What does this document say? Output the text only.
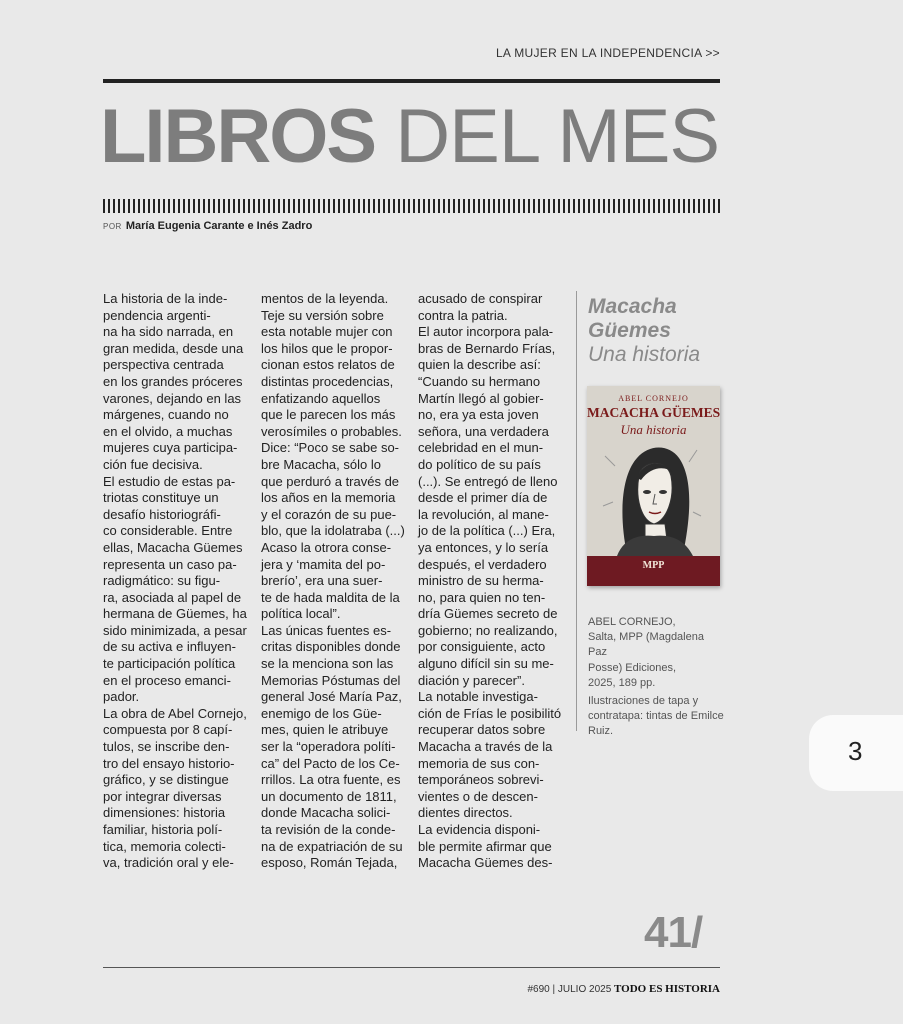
LA MUJER EN LA INDEPENDENCIA >>
LIBROS DEL MES
POR María Eugenia Carante e Inés Zadro
La historia de la inde-
pendencia argenti-
na ha sido narrada, en
gran medida, desde una
perspectiva centrada
en los grandes próceres
varones, dejando en las
márgenes, cuando no
en el olvido, a muchas
mujeres cuya participa-
ción fue decisiva.
El estudio de estas pa-
triotas constituye un
desafío historiográfi-
co considerable. Entre
ellas, Macacha Güemes
representa un caso pa-
radigmático: su figu-
ra, asociada al papel de
hermana de Güemes, ha
sido minimizada, a pesar
de su activa e influyen-
te participación política
en el proceso emanci-
pador.
La obra de Abel Cornejo,
compuesta por 8 capí-
tulos, se inscribe den-
tro del ensayo historio-
gráfico, y se distingue
por integrar diversas
dimensiones: historia
familiar, historia polí-
tica, memoria colecti-
va, tradición oral y ele-
mentos de la leyenda.
Teje su versión sobre
esta notable mujer con
los hilos que le propor-
cionan estos relatos de
distintas procedencias,
enfatizando aquellos
que le parecen los más
verosímiles o probables.
Dice: “Poco se sabe so-
bre Macacha, sólo lo
que perduró a través de
los años en la memoria
y el corazón de su pue-
blo, que la idolatraba (...)
Acaso la otrora conse-
jera y ‘mamita del po-
brerío’, era una suer-
te de hada maldita de la
política local”.
Las únicas fuentes es-
critas disponibles donde
se la menciona son las
Memorias Póstumas del
general José María Paz,
enemigo de los Güe-
mes, quien le atribuye
ser la “operadora políti-
ca” del Pacto de los Ce-
rrillos. La otra fuente, es
un documento de 1811,
donde Macacha solici-
ta revisión de la conde-
na de expatriación de su
esposo, Román Tejada,
acusado de conspirar
contra la patria.
El autor incorpora pala-
bras de Bernardo Frías,
quien la describe así:
“Cuando su hermano
Martín llegó al gobier-
no, era ya esta joven
señora, una verdadera
celebridad en el mun-
do político de su país
(...). Se entregó de lleno
desde el primer día de
la revolución, al mane-
jo de la política (...) Era,
ya entonces, y lo sería
después, el verdadero
ministro de su herma-
no, para quien no ten-
dría Güemes secreto de
gobierno; no realizando,
por consiguiente, acto
alguno difícil sin su me-
diación y parecer”.
La notable investiga-
ción de Frías le posibilitó
recuperar datos sobre
Macacha a través de la
memoria de sus con-
temporáneos sobrevi-
vientes o de descen-
dientes directos.
La evidencia disponi-
ble permite afirmar que
Macacha Güemes des-
Macacha
Güemes
Una historia
ABEL CORNEJO
MACACHA GÜEMES
Una historia
MPP
ABEL CORNEJO,
Salta, MPP (Magdalena Paz
Posse) Ediciones,
2025, 189 pp.
Ilustraciones de tapa y
contratapa: tintas de Emilce
Ruiz.
3
41/
#690 | JULIO 2025 TODO ES HISTORIA
